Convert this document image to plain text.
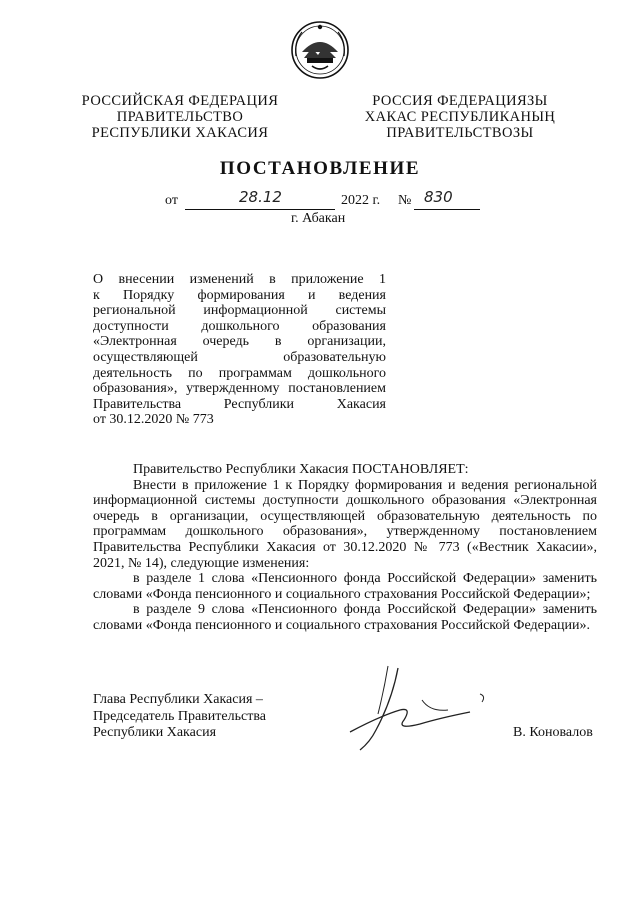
РОССИЙСКАЯ ФЕДЕРАЦИЯ
ПРАВИТЕЛЬСТВО
РЕСПУБЛИКИ ХАКАСИЯ
РОССИЯ ФЕДЕРАЦИЯЗЫ
ХАКАС РЕСПУБЛИКАНЫҢ
ПРАВИТЕЛЬСТВОЗЫ
ПОСТАНОВЛЕНИЕ
от	28.12	2022 г. № 830
г. Абакан
О внесении изменений в приложение 1
к Порядку формирования и ведения
региональной информационной системы
доступности дошкольного образования
«Электронная очередь в организации,
осуществляющей образовательную
деятельность по программам дошкольного
образования», утвержденному постановлением
Правительства Республики Хакасия
от 30.12.2020 № 773
Правительство Республики Хакасия ПОСТАНОВЛЯЕТ:
Внести в приложение 1 к Порядку формирования и ведения региональной
информационной системы доступности дошкольного образования «Электронная
очередь в организации, осуществляющей образовательную деятельность по
программам дошкольного образования», утвержденному постановлением
Правительства Республики Хакасия от 30.12.2020 № 773 («Вестник Хакасии»,
2021, № 14), следующие изменения:
в разделе 1 слова «Пенсионного фонда Российской Федерации» заменить
словами «Фонда пенсионного и социального страхования Российской Федерации»;
в разделе 9 слова «Пенсионного фонда Российской Федерации» заменить
словами «Фонда пенсионного и социального страхования Российской Федерации».
Глава Республики Хакасия –
Председатель Правительства
Республики Хакасия	В. Коновалов
